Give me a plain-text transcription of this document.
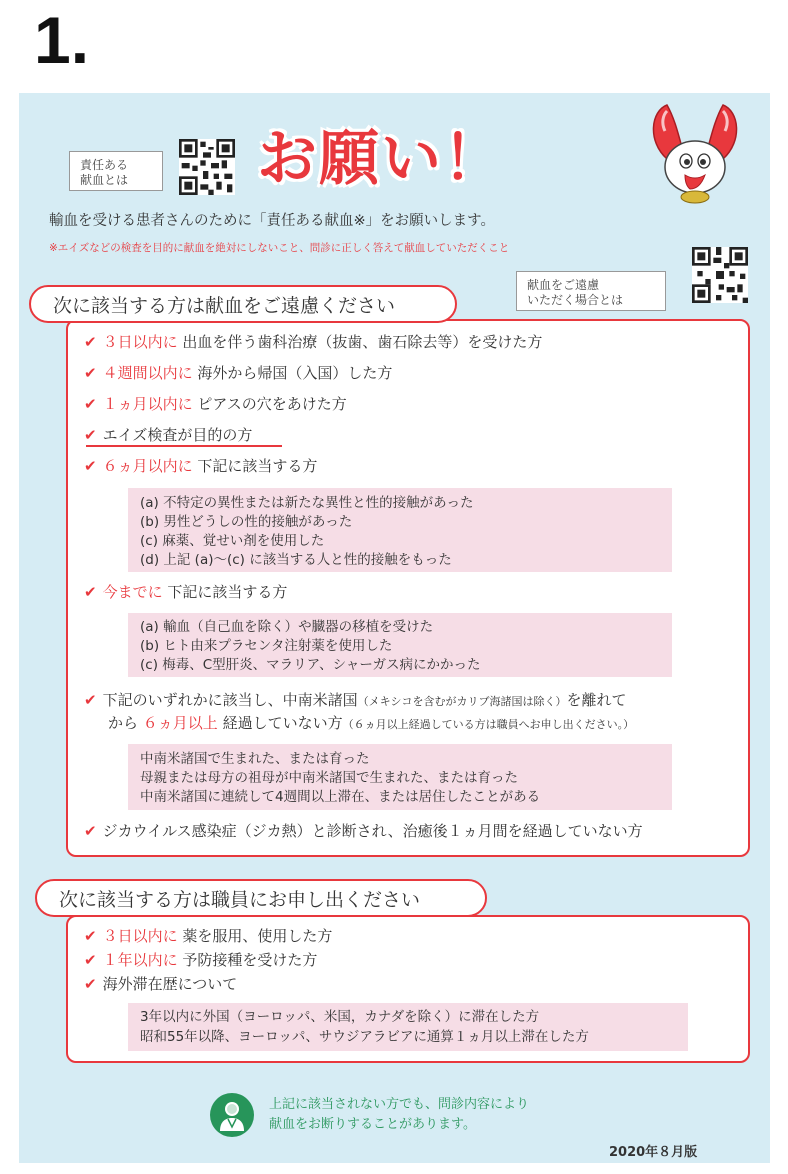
1.
責任ある
献血とは	お願い！
輸血を受ける患者さんのために「責任ある献血※」をお願いします。
※エイズなどの検査を目的に献血を絶対にしないこと、問診に正しく答えて献血していただくこと
献血をご遠慮
いただく場合とは
次に該当する方は献血をご遠慮ください
✔ ３日以内に 出血を伴う歯科治療（抜歯、歯石除去等）を受けた方
✔ ４週間以内に 海外から帰国（入国）した方
✔ １ヵ月以内に ピアスの穴をあけた方
✔ エイズ検査が目的の方
✔ ６ヵ月以内に 下記に該当する方
(a) 不特定の異性または新たな異性と性的接触があった
(b) 男性どうしの性的接触があった
(c) 麻薬、覚せい剤を使用した
(d) 上記 (a)〜(c) に該当する人と性的接触をもった
✔ 今までに 下記に該当する方
(a) 輸血（自己血を除く）や臓器の移植を受けた
(b) ヒト由来プラセンタ注射薬を使用した
(c) 梅毒、C型肝炎、マラリア、シャーガス病にかかった
✔ 下記のいずれかに該当し、中南米諸国（メキシコを含むがカリブ海諸国は除く）を離れて
から ６ヵ月以上 経過していない方（６ヵ月以上経過している方は職員へお申し出ください。）
中南米諸国で生まれた、または育った
母親または母方の祖母が中南米諸国で生まれた、または育った
中南米諸国に連続して4週間以上滞在、または居住したことがある
✔ ジカウイルス感染症（ジカ熱）と診断され、治癒後１ヵ月間を経過していない方
次に該当する方は職員にお申し出ください
✔ ３日以内に 薬を服用、使用した方
✔ １年以内に 予防接種を受けた方
✔ 海外滞在歴について
3年以内に外国（ヨーロッパ、米国，カナダを除く）に滞在した方
昭和55年以降、ヨーロッパ、サウジアラビアに通算１ヵ月以上滞在した方
上記に該当されない方でも、問診内容により
献血をお断りすることがあります。
2020年８月版
